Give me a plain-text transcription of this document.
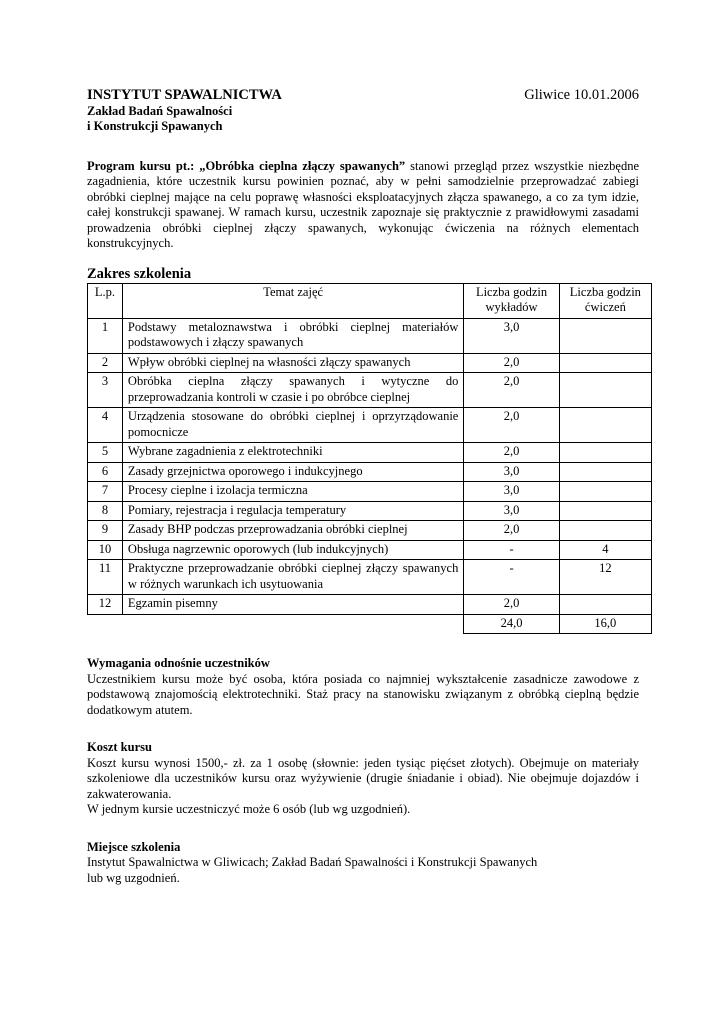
INSTYTUT SPAWALNICTWA	Gliwice 10.01.2006
Zakład Badań Spawalności
i Konstrukcji Spawanych

Program kursu pt.: „Obróbka cieplna złączy spawanych” stanowi przegląd przez wszystkie niezbędne zagadnienia, które uczestnik kursu powinien poznać, aby w pełni samodzielnie przeprowadzać zabiegi obróbki cieplnej mające na celu poprawę własności eksploatacyjnych złącza spawanego, a co za tym idzie, całej konstrukcji spawanej. W ramach kursu, uczestnik zapoznaje się praktycznie z prawidłowymi zasadami prowadzenia obróbki cieplnej złączy spawanych, wykonując ćwiczenia na różnych elementach konstrukcyjnych.

Zakres szkolenia
L.p.	Temat zajęć	Liczba godzin wykładów	Liczba godzin ćwiczeń
1	Podstawy metaloznawstwa i obróbki cieplnej materiałów podstawowych i złączy spawanych	3,0	
2	Wpływ obróbki cieplnej na własności złączy spawanych	2,0	
3	Obróbka cieplna złączy spawanych i wytyczne do przeprowadzania kontroli w czasie i po obróbce cieplnej	2,0	
4	Urządzenia stosowane do obróbki cieplnej i oprzyrządowanie pomocnicze	2,0	
5	Wybrane zagadnienia z elektrotechniki	2,0	
6	Zasady grzejnictwa oporowego i indukcyjnego	3,0	
7	Procesy cieplne i izolacja termiczna	3,0	
8	Pomiary, rejestracja i regulacja temperatury	3,0	
9	Zasady BHP podczas przeprowadzania obróbki cieplnej	2,0	
10	Obsługa nagrzewnic oporowych (lub indukcyjnych)	-	4
11	Praktyczne przeprowadzanie obróbki cieplnej złączy spawanych w różnych warunkach ich usytuowania	-	12
12	Egzamin pisemny	2,0	
		24,0	16,0
Wymagania odnośnie uczestników
Uczestnikiem kursu może być osoba, która posiada co najmniej wykształcenie zasadnicze zawodowe z podstawową znajomością elektrotechniki. Staż pracy na stanowisku związanym z obróbką cieplną będzie dodatkowym atutem.
Koszt kursu
Koszt kursu wynosi 1500,- zł. za 1 osobę (słownie: jeden tysiąc pięćset złotych). Obejmuje on materiały szkoleniowe dla uczestników kursu oraz wyżywienie (drugie śniadanie i obiad). Nie obejmuje dojazdów i zakwaterowania.
W jednym kursie uczestniczyć może 6 osób (lub wg uzgodnień).
Miejsce szkolenia
Instytut Spawalnictwa w Gliwicach; Zakład Badań Spawalności i Konstrukcji Spawanych
lub wg uzgodnień.
